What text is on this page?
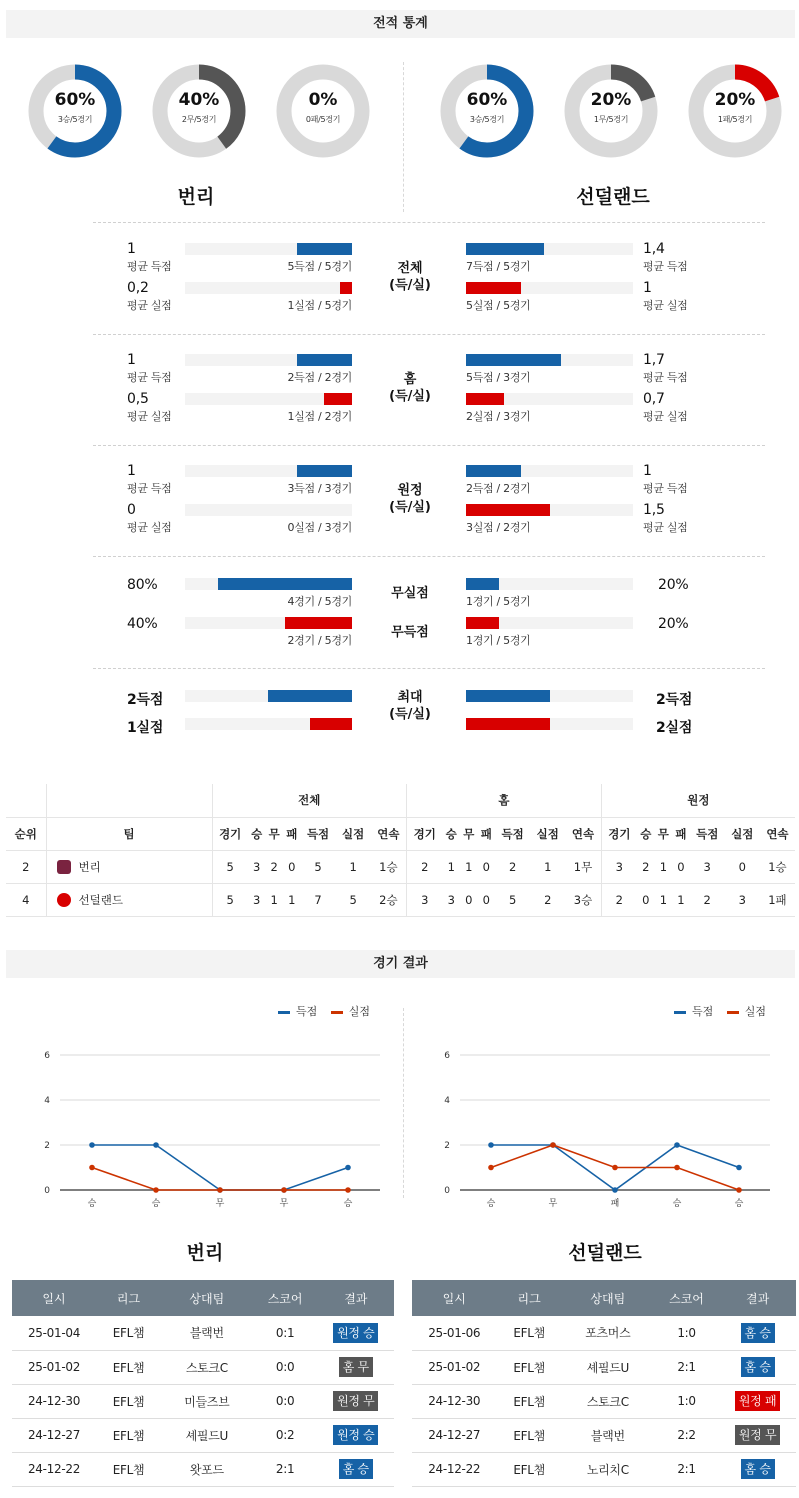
전적 통계
60%
3승/5경기
40%
2무/5경기
0%
0패/5경기
60%
3승/5경기
20%
1무/5경기
20%
1패/5경기
번리	선덜랜드
1
평균 득점	5득점 / 5경기
0,2
평균 실점	1실점 / 5경기
전체
(득/실)
7득점 / 5경기
1,4
평균 득점
5실점 / 5경기
1
평균 실점
1
평균 득점	2득점 / 2경기
0,5
평균 실점	1실점 / 2경기
홈
(득/실)
5득점 / 3경기
1,7
평균 득점
2실점 / 3경기
0,7
평균 실점
1
평균 득점	3득점 / 3경기
0
평균 실점	0실점 / 3경기
원정
(득/실)
2득점 / 2경기
1
평균 득점
3실점 / 2경기
1,5
평균 실점
80%
4경기 / 5경기
40%
2경기 / 5경기
무실점
무득점
1경기 / 5경기
20%
1경기 / 5경기
20%
2득점
1실점
최대
(득/실)
2득점
2실점
		전체							홈							원정						
순위	팀	경기	승	무	패	득점	실점	연속	경기	승	무	패	득점	실점	연속	경기	승	무	패	득점	실점	연속
2	번리	5	3	2	0	5	1	1승	2	1	1	0	2	1	1무	3	2	1	0	3	0	1승
4	선덜랜드	5	3	1	1	7	5	2승	3	3	0	0	5	2	3승	2	0	1	1	2	3	1패
경기 결과
득점	실점	득점	실점
0
2
4
6
승	승	무	무	승
0
2
4
6
승	무	패	승	승
번리	선덜랜드
일시	리그	상대팀	스코어	결과
25-01-04	EFL챔	블랙번	0:1	원정 승
25-01-02	EFL챔	스토크C	0:0	홈 무
24-12-30	EFL챔	미들즈브	0:0	원정 무
24-12-27	EFL챔	셰필드U	0:2	원정 승
24-12-22	EFL챔	왓포드	2:1	홈 승
일시	리그	상대팀	스코어	결과
25-01-06	EFL챔	포츠머스	1:0	홈 승
25-01-02	EFL챔	셰필드U	2:1	홈 승
24-12-30	EFL챔	스토크C	1:0	원정 패
24-12-27	EFL챔	블랙번	2:2	원정 무
24-12-22	EFL챔	노리치C	2:1	홈 승
